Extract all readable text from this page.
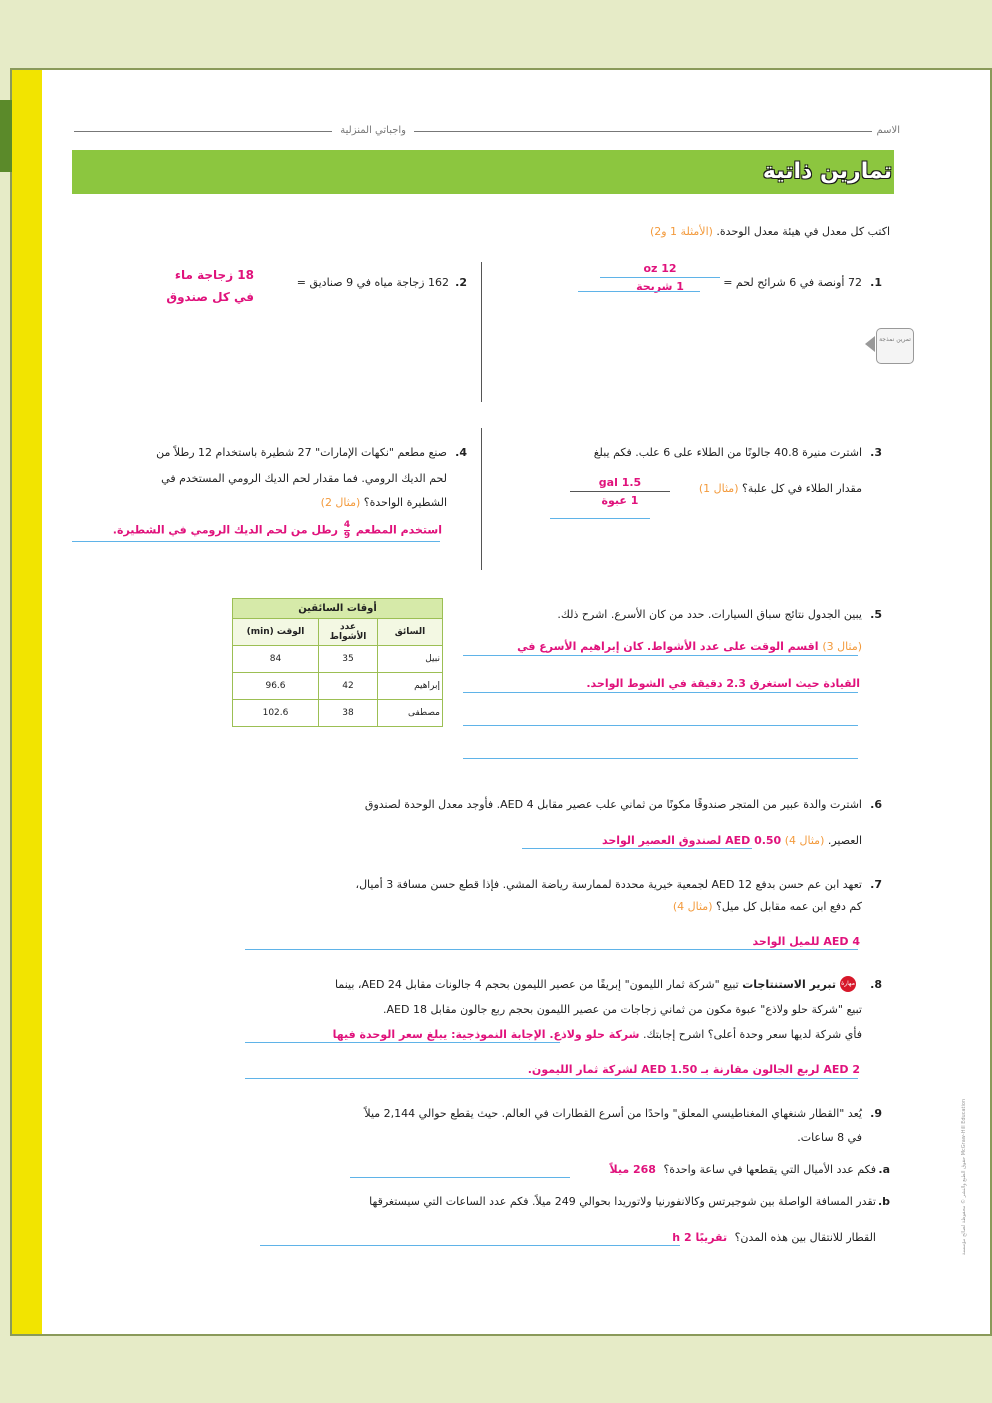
الاسم
واجباتي المنزلية
تمارين ذاتية
اكتب كل معدل في هيئة معدل الوحدة. (الأمثلة 1 و2)
1.
72 أونصة في 6 شرائح لحم =
oz 12
1 شريحة
تمرين نمذجة
2.
162 زجاجة مياه في 9 صناديق =
18 زجاجة ماء
في كل صندوق
3.
اشترت منيرة 40.8 جالونًا من الطلاء على 6 علب. فكم يبلغ
مقدار الطلاء في كل علبة؟ (مثال 1)
gal 1.5
1 عبوة
4.
صنع مطعم "نكهات الإمارات" 27 شطيرة باستخدام 12 رطلاً من
لحم الديك الرومي. فما مقدار لحم الديك الرومي المستخدم في
الشطيرة الواحدة؟ (مثال 2)
استخدم المطعم
$\frac{4}{9}$
رطل من لحم الديك الرومي في الشطيرة.
5.
يبين الجدول نتائج سباق السيارات. حدد من كان الأسرع. اشرح ذلك.
(مثال 3) اقسم الوقت على عدد الأشواط. كان إبراهيم الأسرع في
القيادة حيث استغرق 2.3 دقيقة في الشوط الواحد.
أوقات السائقين
السائق	عدد الأشواط	الوقت (min)
نبيل	35	84
إبراهيم	42	96.6
مصطفى	38	102.6
6.
اشترت والدة عبير من المتجر صندوقًا مكونًا من ثماني علب عصير مقابل AED 4. فأوجد معدل الوحدة لصندوق
العصير. (مثال 4) AED 0.50 لصندوق العصير الواحد
7.
تعهد ابن عم حسن بدفع AED 12 لجمعية خيرية محددة لممارسة رياضة المشي. فإذا قطع حسن مسافة 3 أميال،
كم دفع ابن عمه مقابل كل ميل؟ (مثال 4)
AED 4 للميل الواحد
8.
مهارة
تبرير الاستنتاجات تبيع "شركة ثمار الليمون" إبريقًا من عصير الليمون بحجم 4 جالونات مقابل AED 24، بينما
تبيع "شركة حلو ولاذع" عبوة مكون من ثماني زجاجات من عصير الليمون بحجم ربع جالون مقابل AED 18.
فأي شركة لديها سعر وحدة أعلى؟ اشرح إجابتك. شركة حلو ولاذع. الإجابة النموذجية: يبلغ سعر الوحدة فيها
AED 2 لربع الجالون مقارنة بـ AED 1.50 لشركة ثمار الليمون.
9.
يُعد "القطار شنغهاي المغناطيسي المعلق" واحدًا من أسرع القطارات في العالم. حيث يقطع حوالي 2,144 ميلاً
في 8 ساعات.
a.
فكم عدد الأميال التي يقطعها في ساعة واحدة؟ 268 ميلاً
b.
تقدر المسافة الواصلة بين شوجيرتس وكالانفورنيا ولاتوريدا بحوالي 249 ميلاً. فكم عدد الساعات التي سيستغرقها
القطار للانتقال بين هذه المدن؟ تقريبًا 2 h	حقوق الطبع والنشر © محفوظة لصالح مؤسسة McGraw-Hill Education
